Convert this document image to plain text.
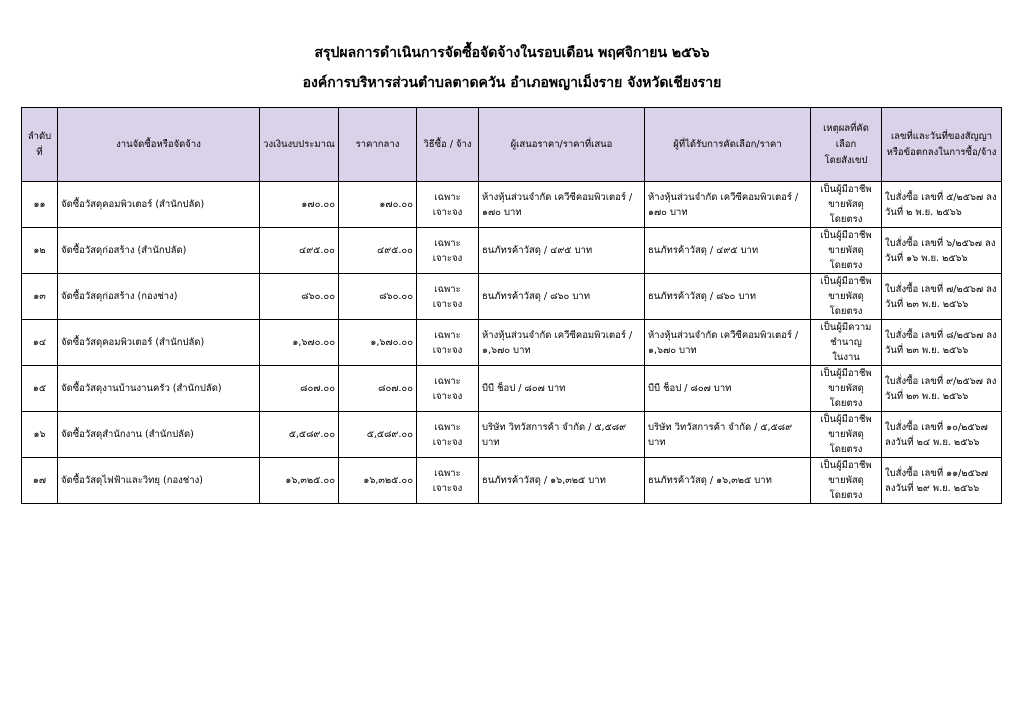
สรุปผลการดำเนินการจัดซื้อจัดจ้างในรอบเดือน พฤศจิกายน ๒๕๖๖
องค์การบริหารส่วนตำบลตาดควัน อำเภอพญาเม็งราย จังหวัดเชียงราย
ลำดับที่	งานจัดซื้อหรือจัดจ้าง	วงเงินงบประมาณ	ราคากลาง	วิธีซื้อ / จ้าง	ผู้เสนอราคา/ราคาที่เสนอ	ผู้ที่ได้รับการคัดเลือก/ราคา	เหตุผลที่คัดเลือก
โดยสังเขป	เลขที่และวันที่ของสัญญา
หรือข้อตกลงในการซื้อ/จ้าง

๑๑	จัดซื้อวัสดุคอมพิวเตอร์ (สำนักปลัด)	๑๗๐.๐๐	๑๗๐.๐๐	เฉพาะเจาะจง	ห้างหุ้นส่วนจำกัด เควีซีคอมพิวเตอร์ /
๑๗๐ บาท	ห้างหุ้นส่วนจำกัด เควีซีคอมพิวเตอร์ /
๑๗๐ บาท	เป็นผู้มีอาชีพ
ขายพัสดุโดยตรง	ใบสั่งซื้อ เลขที่ ๕/๒๕๖๗ ลง
วันที่ ๒ พ.ย. ๒๕๖๖

๑๒	จัดซื้อวัสดุก่อสร้าง (สำนักปลัด)	๔๙๕.๐๐	๔๙๕.๐๐	เฉพาะเจาะจง	ธนภัทรค้าวัสดุ / ๔๙๕ บาท	ธนภัทรค้าวัสดุ / ๔๙๕ บาท	เป็นผู้มีอาชีพ
ขายพัสดุโดยตรง	ใบสั่งซื้อ เลขที่ ๖/๒๕๖๗ ลง
วันที่ ๑๖ พ.ย. ๒๕๖๖

๑๓	จัดซื้อวัสดุก่อสร้าง (กองช่าง)	๘๖๐.๐๐	๘๖๐.๐๐	เฉพาะเจาะจง	ธนภัทรค้าวัสดุ / ๘๖๐ บาท	ธนภัทรค้าวัสดุ / ๘๖๐ บาท	เป็นผู้มีอาชีพ
ขายพัสดุโดยตรง	ใบสั่งซื้อ เลขที่ ๗/๒๕๖๗ ลง
วันที่ ๒๓ พ.ย. ๒๕๖๖

๑๔	จัดซื้อวัสดุคอมพิวเตอร์ (สำนักปลัด)	๑,๖๗๐.๐๐	๑,๖๗๐.๐๐	เฉพาะเจาะจง	ห้างหุ้นส่วนจำกัด เควีซีคอมพิวเตอร์ /
๑,๖๗๐ บาท	ห้างหุ้นส่วนจำกัด เควีซีคอมพิวเตอร์ /
๑,๖๗๐ บาท	เป็นผู้มีความชำนาญ
ในงาน	ใบสั่งซื้อ เลขที่ ๘/๒๕๖๗ ลง
วันที่ ๒๓ พ.ย. ๒๕๖๖

๑๕	จัดซื้อวัสดุงานบ้านงานครัว (สำนักปลัด)	๘๐๗.๐๐	๘๐๗.๐๐	เฉพาะเจาะจง	บีบี ช็อป / ๘๐๗ บาท	บีบี ช็อป / ๘๐๗ บาท	เป็นผู้มีอาชีพ
ขายพัสดุโดยตรง	ใบสั่งซื้อ เลขที่ ๙/๒๕๖๗ ลง
วันที่ ๒๓ พ.ย. ๒๕๖๖

๑๖	จัดซื้อวัสดุสำนักงาน (สำนักปลัด)	๕,๕๘๙.๐๐	๕,๕๘๙.๐๐	เฉพาะเจาะจง	บริษัท วิทวัสการค้า จำกัด / ๕,๕๘๙ บาท	บริษัท วิทวัสการค้า จำกัด / ๕,๕๘๙ บาท	เป็นผู้มีอาชีพ
ขายพัสดุโดยตรง	ใบสั่งซื้อ เลขที่ ๑๐/๒๕๖๗
ลงวันที่ ๒๔ พ.ย. ๒๕๖๖

๑๗	จัดซื้อวัสดุไฟฟ้าและวิทยุ (กองช่าง)	๑๖,๓๒๕.๐๐	๑๖,๓๒๕.๐๐	เฉพาะเจาะจง	ธนภัทรค้าวัสดุ / ๑๖,๓๒๕ บาท	ธนภัทรค้าวัสดุ / ๑๖,๓๒๕ บาท	เป็นผู้มีอาชีพ
ขายพัสดุโดยตรง	ใบสั่งซื้อ เลขที่ ๑๑/๒๕๖๗
ลงวันที่ ๒๙ พ.ย. ๒๕๖๖
